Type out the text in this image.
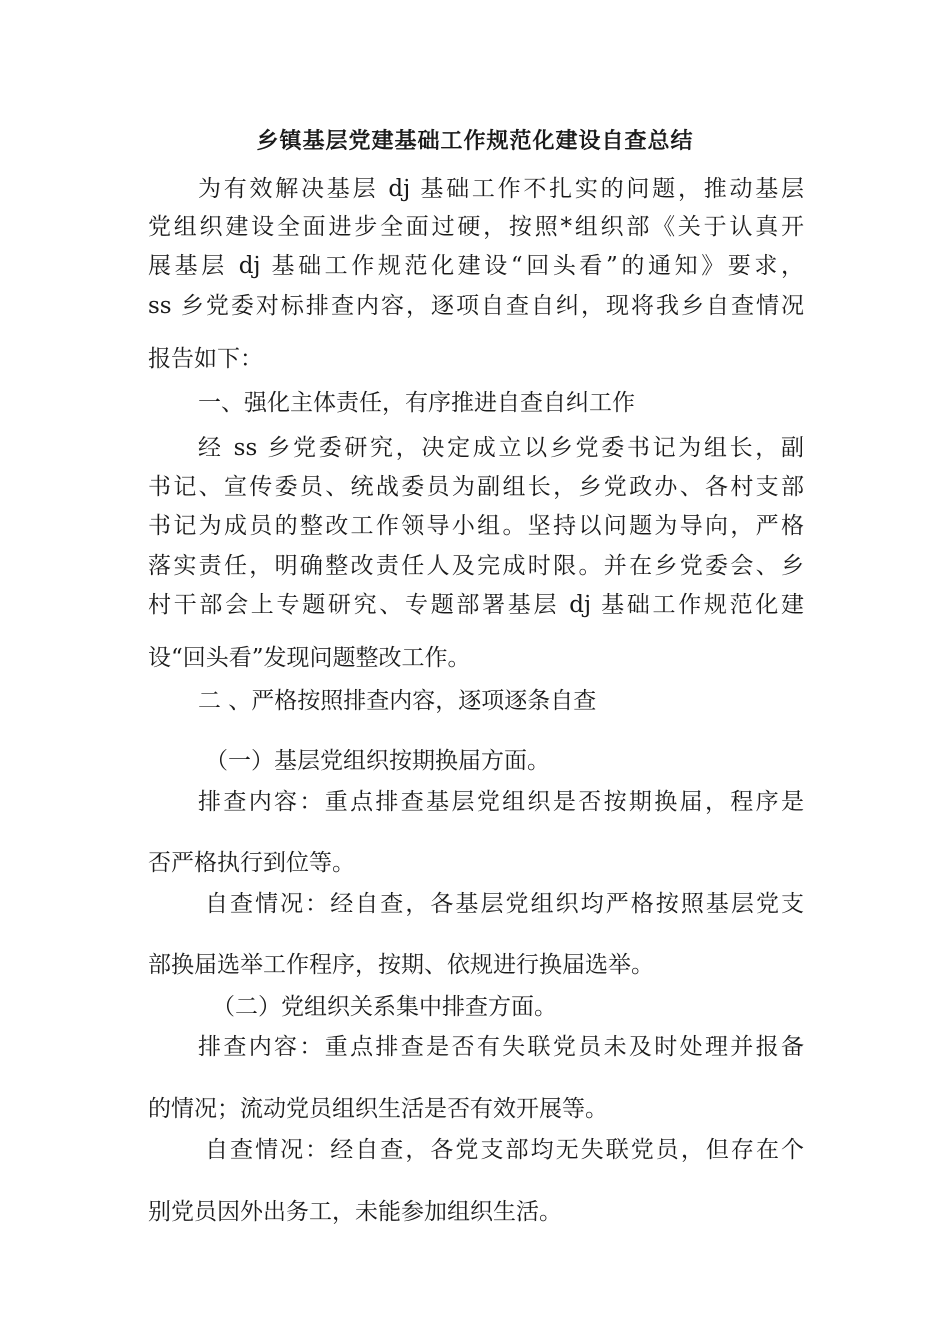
乡镇基层党建基础工作规范化建设自查总结

为有效解决基层 dj 基础工作不扎实的问题，推动基层

党组织建设全面进步全面过硬，按照*组织部《关于认真开

展基层 dj 基础工作规范化建设“回头看”的通知》要求，

ss 乡党委对标排查内容，逐项自查自纠，现将我乡自查情况

报告如下：

一、强化主体责任，有序推进自查自纠工作

经 ss 乡党委研究，决定成立以乡党委书记为组长，副

书记、宣传委员、统战委员为副组长，乡党政办、各村支部

书记为成员的整改工作领导小组。坚持以问题为导向，严格

落实责任，明确整改责任人及完成时限。并在乡党委会、乡

村干部会上专题研究、专题部署基层 dj 基础工作规范化建

设“回头看”发现问题整改工作。

二 、严格按照排查内容，逐项逐条自查

（一）基层党组织按期换届方面。

排查内容：重点排查基层党组织是否按期换届，程序是

否严格执行到位等。

自查情况：经自查，各基层党组织均严格按照基层党支

部换届选举工作程序，按期、依规进行换届选举。

（二）党组织关系集中排查方面。

排查内容：重点排查是否有失联党员未及时处理并报备

的情况；流动党员组织生活是否有效开展等。

自查情况：经自查，各党支部均无失联党员，但存在个

别党员因外出务工，未能参加组织生活。
